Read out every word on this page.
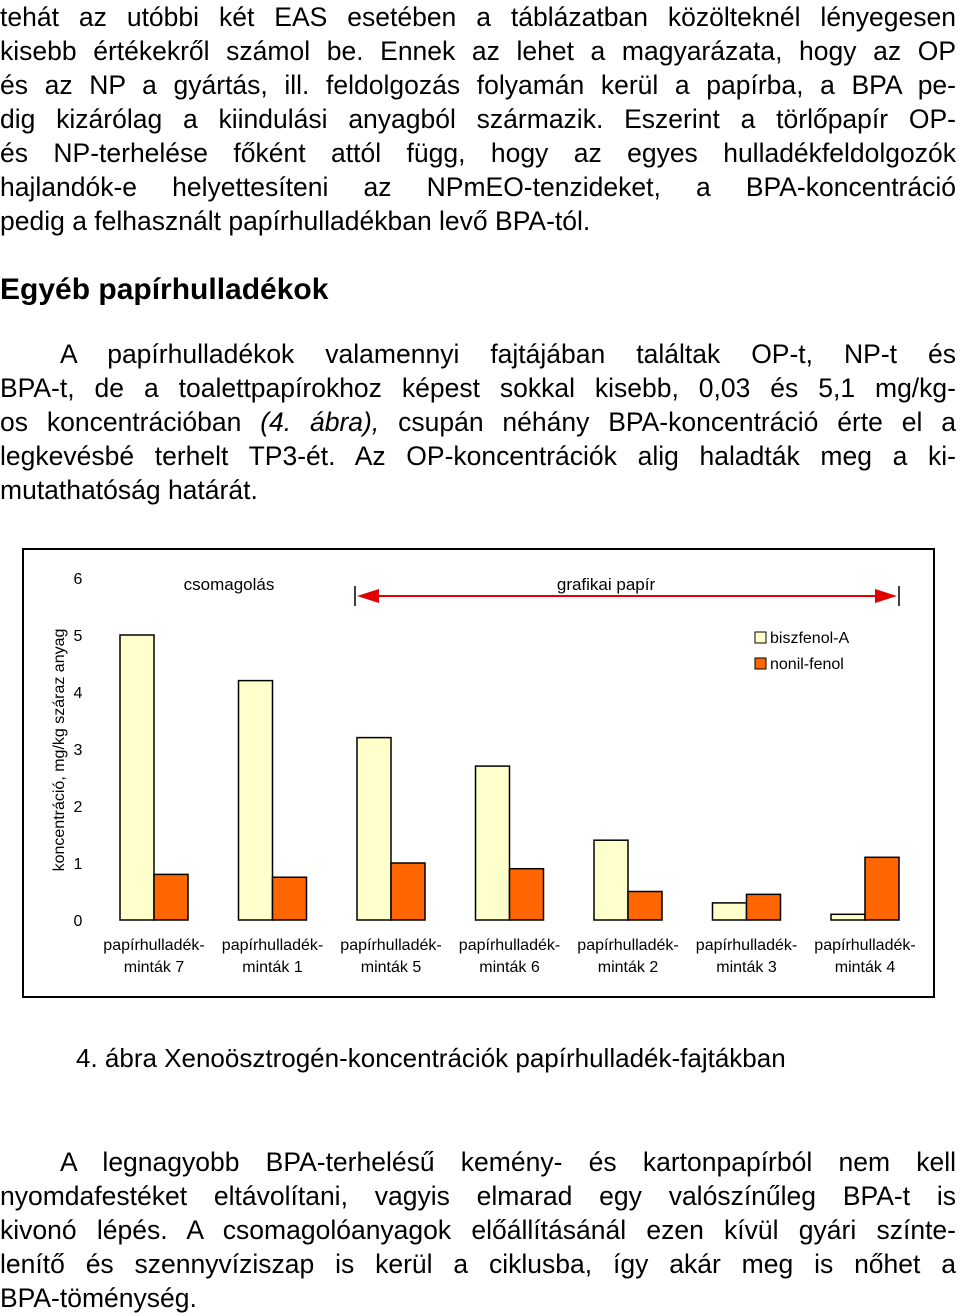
tehát az utóbbi két EAS esetében a táblázatban közölteknél lényegesen
kisebb értékekről számol be. Ennek az lehet a magyarázata, hogy az OP
és az NP a gyártás, ill. feldolgozás folyamán kerül a papírba, a BPA pe-
dig kizárólag a kiindulási anyagból származik. Eszerint a törlőpapír OP-
és NP-terhelése főként attól függ, hogy az egyes hulladékfeldolgozók
hajlandók-e helyettesíteni az NPmEO-tenzideket, a BPA-koncentráció
pedig a felhasznált papírhulladékban levő BPA-tól.
Egyéb papírhulladékok
A papírhulladékok valamennyi fajtájában találtak OP-t, NP-t és
BPA-t, de a toalettpapírokhoz képest sokkal kisebb, 0,03 és 5,1 mg/kg-
os koncentrációban (4. ábra), csupán néhány BPA-koncentráció érte el a
legkevésbé terhelt TP3-ét. Az OP-koncentrációk alig haladták meg a ki-
mutathatóság határát.
0
1
2
3
4
5
6
koncentráció, mg/kg száraz anyag
papírhulladék-
minták 7
papírhulladék-
minták 1
papírhulladék-
minták 5
papírhulladék-
minták 6
papírhulladék-
minták 2
papírhulladék-
minták 3
papírhulladék-
minták 4
csomagolás	grafikai papír
biszfenol-A
nonil-fenol

4. ábra Xenoösztrogén-koncentrációk papírhulladék-fajtákban

A legnagyobb BPA-terhelésű kemény- és kartonpapírból nem kell
nyomdafestéket eltávolítani, vagyis elmarad egy valószínűleg BPA-t is
kivonó lépés. A csomagolóanyagok előállításánál ezen kívül gyári színte-
lenítő és szennyvíziszap is kerül a ciklusba, így akár meg is nőhet a
BPA-töménység.
